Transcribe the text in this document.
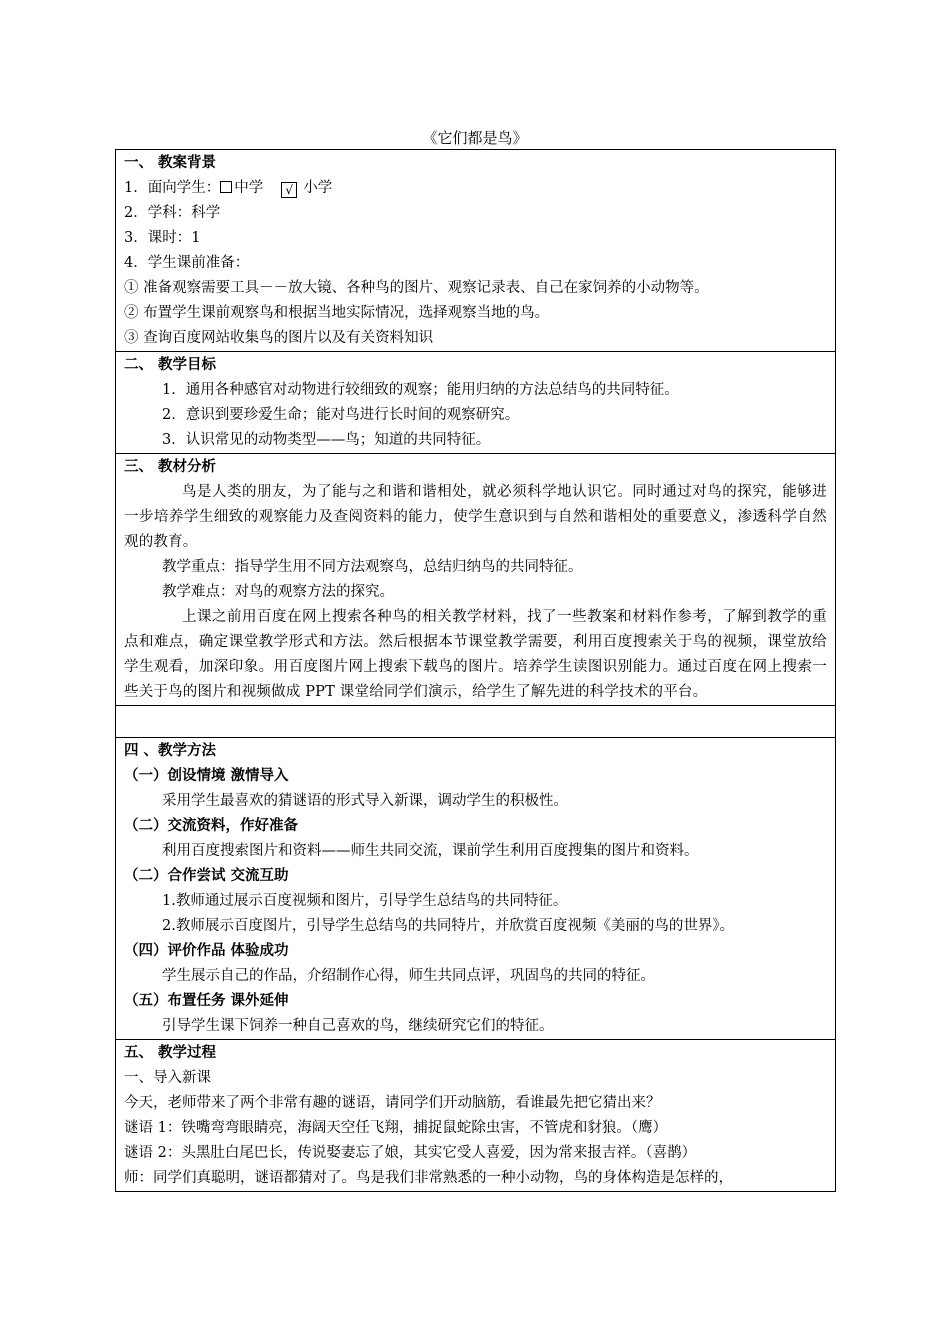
《它们都是鸟》
一、 教案背景
1．面向学生： 中学 √ 小学
2．学科：科学
3．课时：1
4．学生课前准备：
① 准备观察需要工具－－放大镜、各种鸟的图片、观察记录表、自己在家饲养的小动物等。
② 布置学生课前观察鸟和根据当地实际情况，选择观察当地的鸟。
③ 查询百度网站收集鸟的图片以及有关资料知识
二、 教学目标
1．通用各种感官对动物进行较细致的观察；能用归纳的方法总结鸟的共同特征。
2．意识到要珍爱生命；能对鸟进行长时间的观察研究。
3．认识常见的动物类型——鸟；知道的共同特征。
三、 教材分析
鸟是人类的朋友，为了能与之和谐和谐相处，就必须科学地认识它。同时通过对鸟的探究，能够进一步培养学生细致的观察能力及查阅资料的能力，使学生意识到与自然和谐相处的重要意义，渗透科学自然观的教育。
教学重点：指导学生用不同方法观察鸟，总结归纳鸟的共同特征。
教学难点：对鸟的观察方法的探究。
上课之前用百度在网上搜索各种鸟的相关教学材料，找了一些教案和材料作参考，了解到教学的重点和难点，确定课堂教学形式和方法。然后根据本节课堂教学需要，利用百度搜索关于鸟的视频，课堂放给学生观看，加深印象。用百度图片网上搜索下载鸟的图片。培养学生读图识别能力。通过百度在网上搜索一些关于鸟的图片和视频做成 PPT 课堂给同学们演示，给学生了解先进的科学技术的平台。
四 、教学方法
（一）创设情境 激情导入
采用学生最喜欢的猜谜语的形式导入新课，调动学生的积极性。
（二）交流资料，作好准备
利用百度搜索图片和资料——师生共同交流，课前学生利用百度搜集的图片和资料。
（二）合作尝试 交流互助
1.教师通过展示百度视频和图片，引导学生总结鸟的共同特征。
2.教师展示百度图片，引导学生总结鸟的共同特片，并欣赏百度视频《美丽的鸟的世界》。
（四）评价作品 体验成功
学生展示自己的作品，介绍制作心得，师生共同点评，巩固鸟的共同的特征。
（五）布置任务 课外延伸
引导学生课下饲养一种自己喜欢的鸟，继续研究它们的特征。
五、 教学过程
一、导入新课
今天，老师带来了两个非常有趣的谜语，请同学们开动脑筋，看谁最先把它猜出来？
谜语 1：铁嘴弯弯眼睛亮，海阔天空任飞翔，捕捉鼠蛇除虫害，不管虎和豺狼。（鹰）
谜语 2：头黑肚白尾巴长，传说娶妻忘了娘，其实它受人喜爱，因为常来报吉祥。（喜鹊）
师：同学们真聪明，谜语都猜对了。鸟是我们非常熟悉的一种小动物，鸟的身体构造是怎样的，
